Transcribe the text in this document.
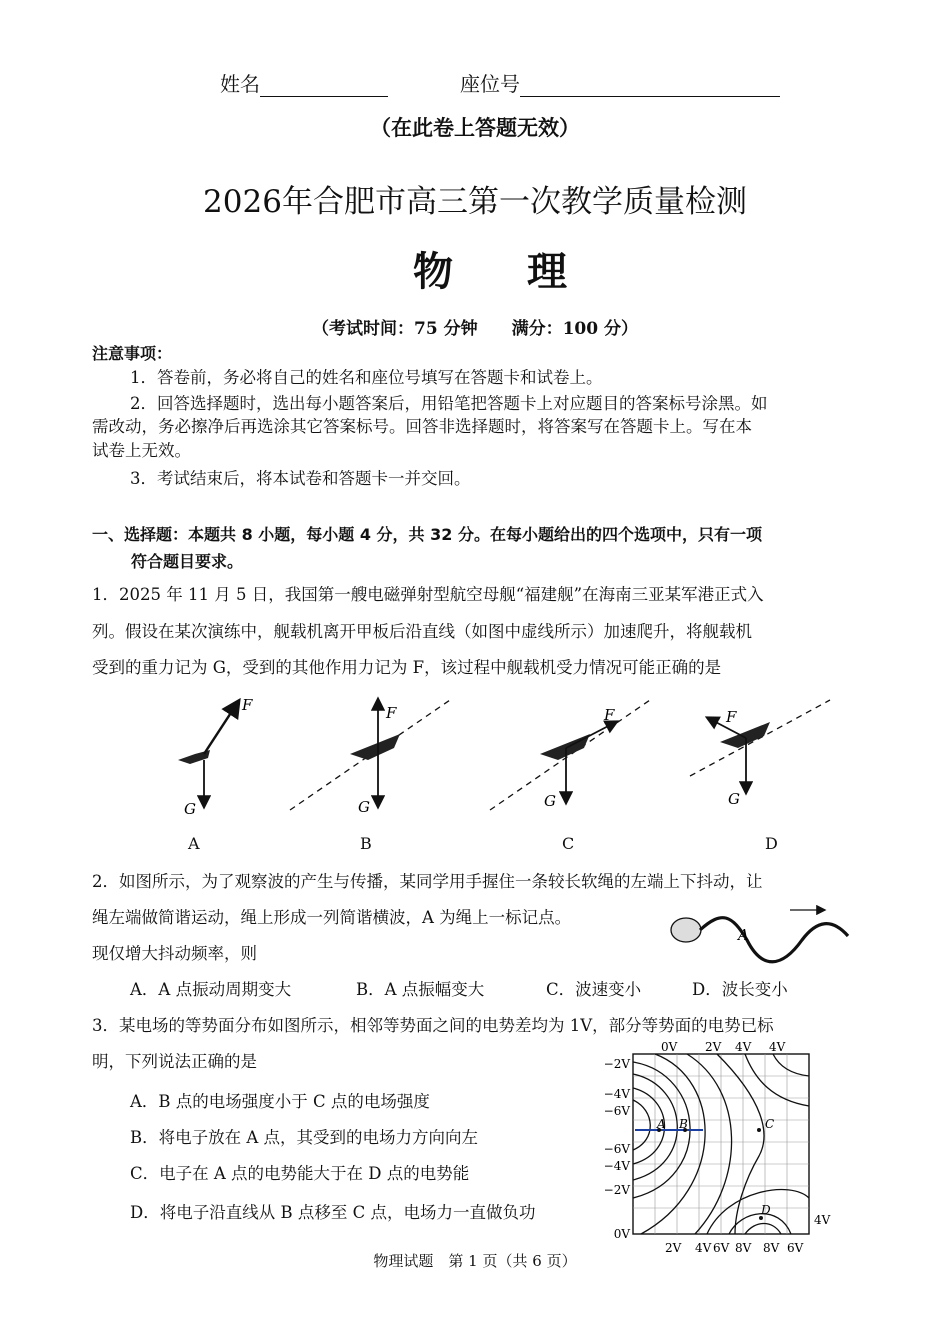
姓名	座位号
（在此卷上答题无效）
2026年合肥市高三第一次教学质量检测
物 理
（考试时间：75 分钟　　满分：100 分）
注意事项：
1．答卷前，务必将自己的姓名和座位号填写在答题卡和试卷上。
2．回答选择题时，选出每小题答案后，用铅笔把答题卡上对应题目的答案标号涂黑。如
需改动，务必擦净后再选涂其它答案标号。回答非选择题时，将答案写在答题卡上。写在本
试卷上无效。
3．考试结束后，将本试卷和答题卡一并交回。
一、选择题：本题共 8 小题，每小题 4 分，共 32 分。在每小题给出的四个选项中，只有一项
符合题目要求。
1．2025 年 11 月 5 日，我国第一艘电磁弹射型航空母舰“福建舰”在海南三亚某军港正式入
列。假设在某次演练中，舰载机离开甲板后沿直线（如图中虚线所示）加速爬升，将舰载机
受到的重力记为 G，受到的其他作用力记为 F，该过程中舰载机受力情况可能正确的是
F
G
F
G
F
G
F
G
A	B	C	D
2．如图所示，为了观察波的产生与传播，某同学用手握住一条较长软绳的左端上下抖动，让
绳左端做简谐运动，绳上形成一列简谐横波，A 为绳上一标记点。
现仅增大抖动频率，则
A
A．A 点振动周期变大	B．A 点振幅变大	C．波速变小	D．波长变小
3．某电场的等势面分布如图所示，相邻等势面之间的电势差均为 1V，部分等势面的电势已标
明，下列说法正确的是
A．B 点的电场强度小于 C 点的电场强度
B．将电子放在 A 点，其受到的电场力方向向左
C．电子在 A 点的电势能大于在 D 点的电势能
D．将电子沿直线从 B 点移至 C 点，电场力一直做负功
A B	C
D
0V 2V 4V 4V
−2V
−4V
−6V
−6V
−4V
−2V
0V
2V 4V 6V 8V 8V 6V
4V
物理试题　第 1 页（共 6 页）
